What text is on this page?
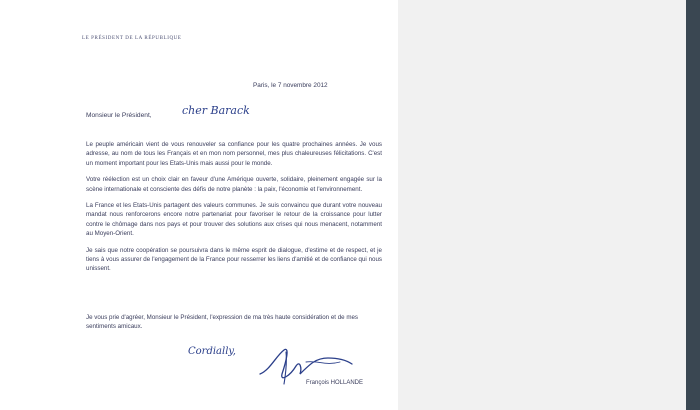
LE PRÉSIDENT DE LA RÉPUBLIQUE
Paris, le 7 novembre 2012
Monsieur le Président,	cher Barack

Le peuple américain vient de vous renouveler sa confiance pour les quatre prochaines années. Je vous adresse, au nom de tous les Français et en mon nom personnel, mes plus chaleureuses félicitations. C'est un moment important pour les Etats-Unis mais aussi pour le monde.

Votre réélection est un choix clair en faveur d'une Amérique ouverte, solidaire, pleinement engagée sur la scène internationale et consciente des défis de notre planète : la paix, l'économie et l'environnement.

La France et les Etats-Unis partagent des valeurs communes. Je suis convaincu que durant votre nouveau mandat nous renforcerons encore notre partenariat pour favoriser le retour de la croissance pour lutter contre le chômage dans nos pays et pour trouver des solutions aux crises qui nous menacent, notamment au Moyen-Orient.

Je sais que notre coopération se poursuivra dans le même esprit de dialogue, d'estime et de respect, et je tiens à vous assurer de l'engagement de la France pour resserrer les liens d'amitié et de confiance qui nous unissent.

Je vous prie d'agréer, Monsieur le Président, l'expression de ma très haute considération et de mes sentiments amicaux.
Cordially,
François HOLLANDE
